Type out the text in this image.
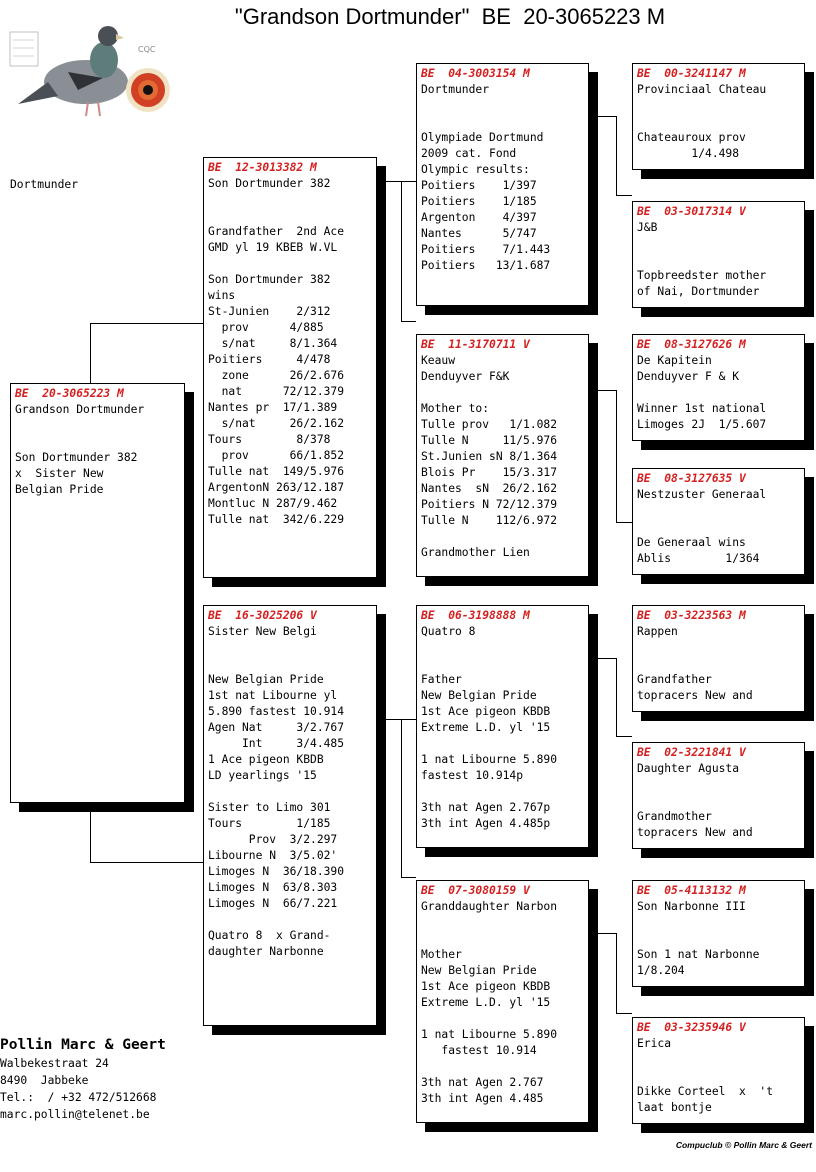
"Grandson Dortmunder"  BE  20-3065223 M
CQC
Dortmunder
BE  20-3065223 M
Grandson Dortmunder
Son Dortmunder 382
x  Sister New
Belgian Pride
BE  12-3013382 M
Son Dortmunder 382
Grandfather  2nd Ace
GMD yl 19 KBEB W.VL
Son Dortmunder 382
wins
St-Junien    2/312
prov      4/885
s/nat     8/1.364
Poitiers     4/478
zone      26/2.676
nat      72/12.379
Nantes pr  17/1.389
s/nat     26/2.162
Tours        8/378
prov      66/1.852
Tulle nat  149/5.976
ArgentonN 263/12.187
Montluc N 287/9.462
Tulle nat  342/6.229
BE  16-3025206 V
Sister New Belgi
New Belgian Pride
1st nat Libourne yl
5.890 fastest 10.914
Agen Nat     3/2.767
Int     3/4.485
1 Ace pigeon KBDB
LD yearlings '15
Sister to Limo 301
Tours        1/185
Prov  3/2.297
Libourne N  3/5.02'
Limoges N  36/18.390
Limoges N  63/8.303
Limoges N  66/7.221
Quatro 8  x Grand-
daughter Narbonne
BE  04-3003154 M
Dortmunder
Olympiade Dortmund
2009 cat. Fond
Olympic results:
Poitiers    1/397
Poitiers    1/185
Argenton    4/397
Nantes      5/747
Poitiers    7/1.443
Poitiers   13/1.687
BE  11-3170711 V
Keauw
Denduyver F&K
Mother to:
Tulle prov   1/1.082
Tulle N     11/5.976
St.Junien sN 8/1.364
Blois Pr    15/3.317
Nantes  sN  26/2.162
Poitiers N 72/12.379
Tulle N    112/6.972
Grandmother Lien
BE  06-3198888 M
Quatro 8
Father
New Belgian Pride
1st Ace pigeon KBDB
Extreme L.D. yl '15
1 nat Libourne 5.890
fastest 10.914p
3th nat Agen 2.767p
3th int Agen 4.485p
BE  07-3080159 V
Granddaughter Narbon
Mother
New Belgian Pride
1st Ace pigeon KBDB
Extreme L.D. yl '15
1 nat Libourne 5.890
fastest 10.914
3th nat Agen 2.767
3th int Agen 4.485
BE  00-3241147 M
Provinciaal Chateau
Chateauroux prov
1/4.498
BE  03-3017314 V
J&B
Topbreedster mother
of Nai, Dortmunder
BE  08-3127626 M
De Kapitein
Denduyver F & K
Winner 1st national
Limoges 2J  1/5.607
BE  08-3127635 V
Nestzuster Generaal
De Generaal wins
Ablis        1/364
BE  03-3223563 M
Rappen
Grandfather
topracers New and
BE  02-3221841 V
Daughter Agusta
Grandmother
topracers New and
BE  05-4113132 M
Son Narbonne III
Son 1 nat Narbonne
1/8.204
BE  03-3235946 V
Erica
Dikke Corteel  x  't
laat bontje
Pollin Marc & Geert
Walbekestraat 24
8490  Jabbeke
Tel.:  / +32 472/512668
marc.pollin@telenet.be
Compuclub © Pollin Marc & Geert
